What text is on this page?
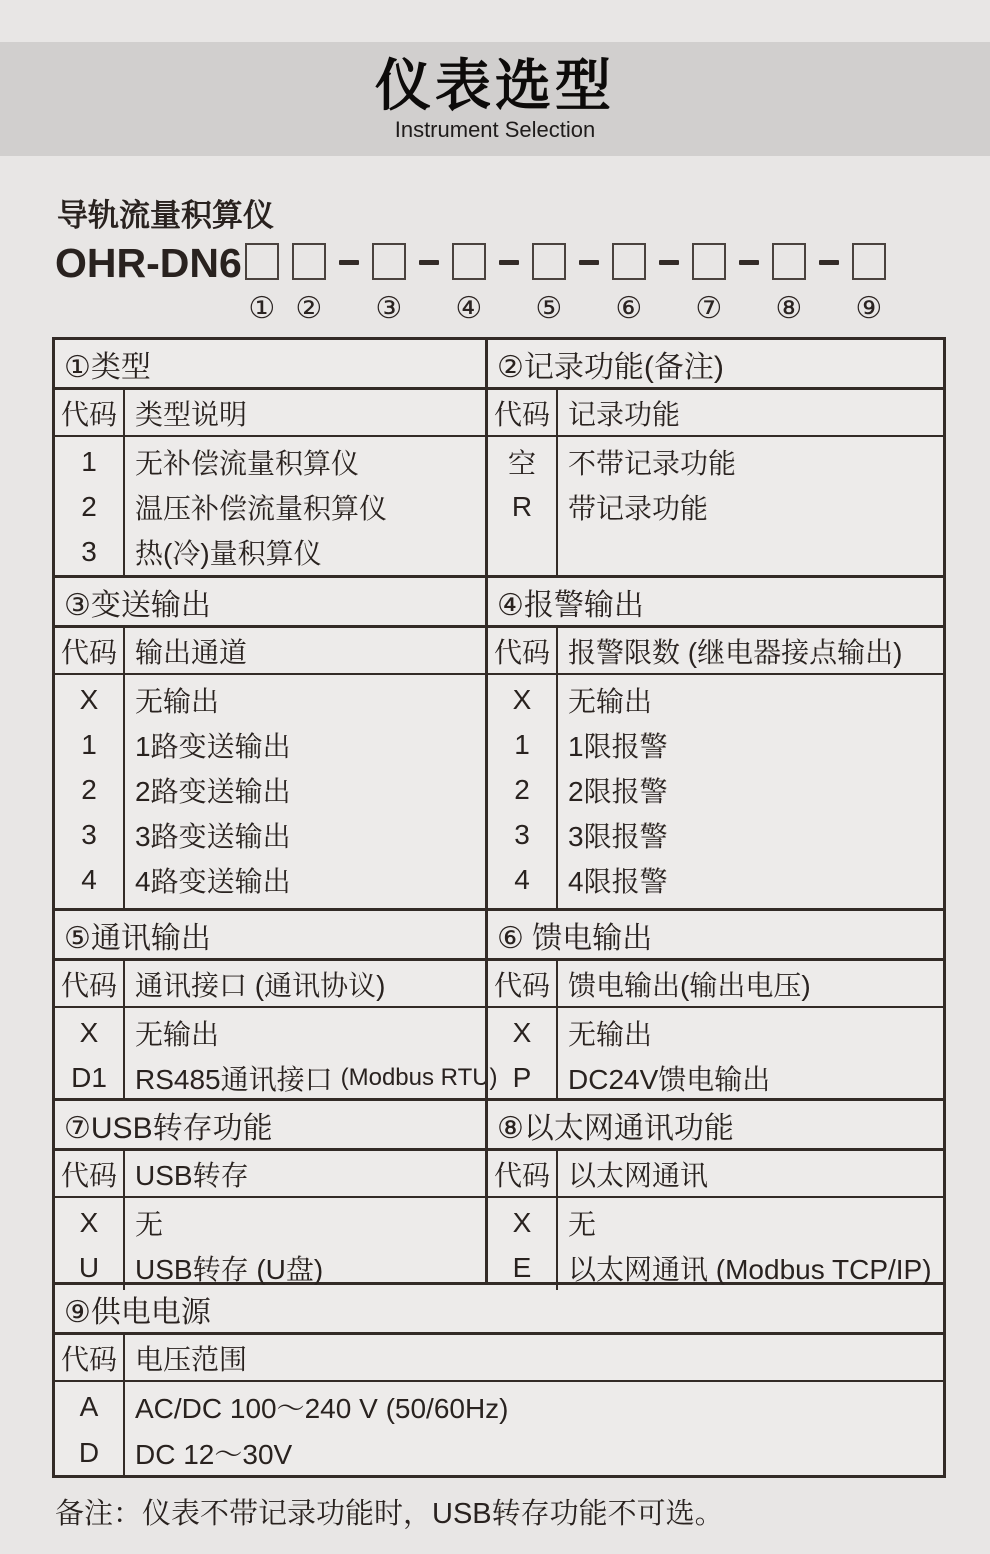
仪表选型
Instrument Selection
导轨流量积算仪
OHR-DN6
① ② ③ ④ ⑤ ⑥ ⑦ ⑧ ⑨
①类型
代码 类型说明
1
2
3
无补偿流量积算仪
温压补偿流量积算仪
热(冷)量积算仪
②记录功能(备注)
代码 记录功能
空
R
不带记录功能
带记录功能
③变送输出
代码 输出通道
X
1
2
3
4
无输出
1路变送输出
2路变送输出
3路变送输出
4路变送输出
④报警输出
代码 报警限数 (继电器接点输出)
X
1
2
3
4
无输出
1限报警
2限报警
3限报警
4限报警
⑤通讯输出
代码 通讯接口 (通讯协议)
X
D1
无输出
RS485通讯接口 (Modbus RTU)
⑥ 馈电输出
代码 馈电输出(输出电压)
X
P
无输出
DC24V馈电输出
⑦USB转存功能
代码 USB转存
X
U
无
USB转存 (U盘)
⑧以太网通讯功能
代码 以太网通讯
X
E
无
以太网通讯 (Modbus TCP/IP)
⑨供电电源
代码 电压范围
A
D
AC/DC 100～240 V (50/60Hz)
DC 12～30V
备注：仪表不带记录功能时，USB转存功能不可选。
